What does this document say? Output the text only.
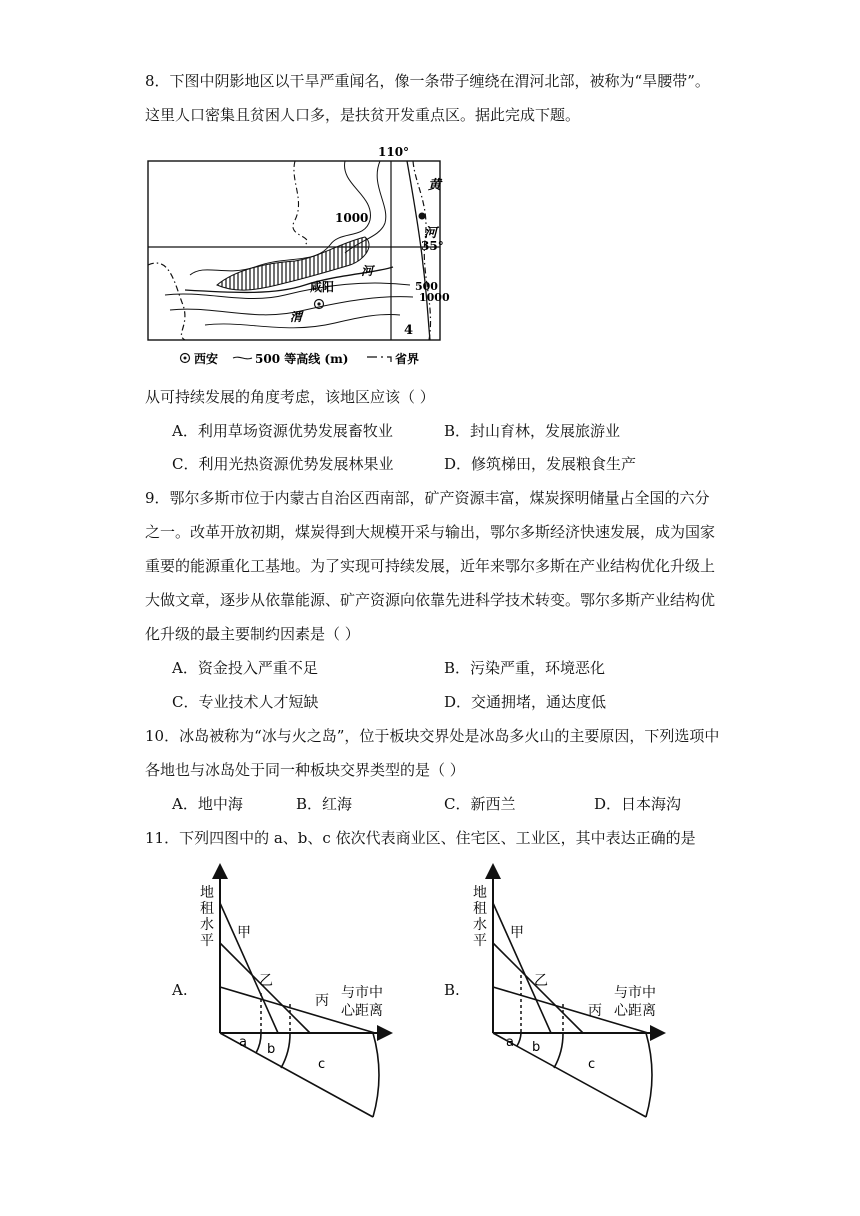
8．下图中阴影地区以干旱严重闻名，像一条带子缠绕在渭河北部，被称为“旱腰带”。
这里人口密集且贫困人口多，是扶贫开发重点区。据此完成下题。
110°
35°
黄
河
1000
河
咸阳	500
1000
渭
4
西安	500 等高线 (m)	省界
从可持续发展的角度考虑，该地区应该（ ）
A．利用草场资源优势发展畜牧业	B．封山育林，发展旅游业
C．利用光热资源优势发展林果业	D．修筑梯田，发展粮食生产
9．鄂尔多斯市位于内蒙古自治区西南部，矿产资源丰富，煤炭探明储量占全国的六分
之一。改革开放初期，煤炭得到大规模开采与输出，鄂尔多斯经济快速发展，成为国家
重要的能源重化工基地。为了实现可持续发展，近年来鄂尔多斯在产业结构优化升级上
大做文章，逐步从依靠能源、矿产资源向依靠先进科学技术转变。鄂尔多斯产业结构优
化升级的最主要制约因素是（ ）
A．资金投入严重不足	B．污染严重，环境恶化
C．专业技术人才短缺	D．交通拥堵，通达度低
10．冰岛被称为“冰与火之岛”，位于板块交界处是冰岛多火山的主要原因，下列选项中
各地也与冰岛处于同一种板块交界类型的是（ ）
A．地中海	B．红海	C．新西兰	D．日本海沟
11．下列四图中的 a、b、c 依次代表商业区、住宅区、工业区，其中表达正确的是
A.
地
租
水
平 甲
乙
丙 与市中
心距离
a b
c
B.
地
租
水
平 甲
乙
丙
与市中
心距离
a b
c
